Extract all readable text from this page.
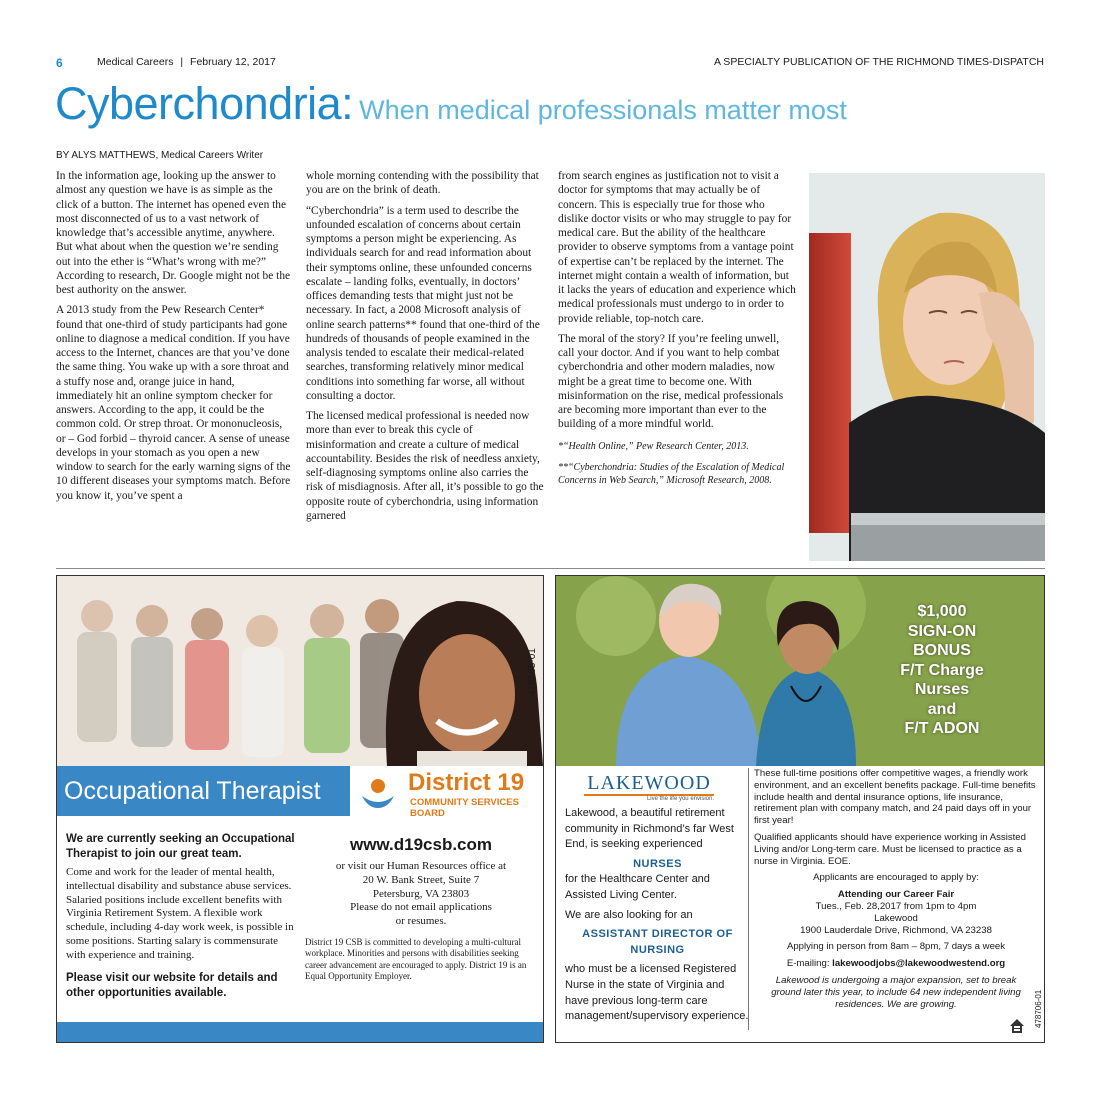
6	Medical Careers | February 12, 2017	A SPECIALTY PUBLICATION OF THE RICHMOND TIMES-DISPATCH
Cyberchondria: When medical professionals matter most
BY ALYS MATTHEWS, Medical Careers Writer

In the information age, looking up the answer to almost any question we have is as simple as the click of a button. The internet has opened even the most disconnected of us to a vast network of knowledge that’s accessible anytime, anywhere. But what about when the question we’re sending out into the ether is “What’s wrong with me?” According to research, Dr. Google might not be the best authority on the answer.

A 2013 study from the Pew Research Center* found that one-third of study participants had gone online to diagnose a medical condition. If you have access to the Internet, chances are that you’ve done the same thing. You wake up with a sore throat and a stuffy nose and, orange juice in hand, immediately hit an online symptom checker for answers. According to the app, it could be the common cold. Or strep throat. Or mononucleosis, or – God forbid – thyroid cancer. A sense of unease develops in your stomach as you open a new window to search for the early warning signs of the 10 different diseases your symptoms match. Before you know it, you’ve spent a

whole morning contending with the possibility that you are on the brink of death.

“Cyberchondria” is a term used to describe the unfounded escalation of concerns about certain symptoms a person might be experiencing. As individuals search for and read information about their symptoms online, these unfounded concerns escalate – landing folks, eventually, in doctors’ offices demanding tests that might just not be necessary. In fact, a 2008 Microsoft analysis of online search patterns** found that one-third of the hundreds of thousands of people examined in the analysis tended to escalate their medical-related searches, transforming relatively minor medical conditions into something far worse, all without consulting a doctor.

The licensed medical professional is needed now more than ever to break this cycle of misinformation and create a culture of medical accountability. Besides the risk of needless anxiety, self-diagnosing symptoms online also carries the risk of misdiagnosis. After all, it’s possible to go the opposite route of cyberchondria, using information garnered

from search engines as justification not to visit a doctor for symptoms that may actually be of concern. This is especially true for those who dislike doctor visits or who may struggle to pay for medical care. But the ability of the healthcare provider to observe symptoms from a vantage point of expertise can’t be replaced by the internet. The internet might contain a wealth of information, but it lacks the years of education and experience which medical professionals must undergo to in order to provide reliable, top-notch care.

The moral of the story? If you’re feeling unwell, call your doctor. And if you want to help combat cyberchondria and other modern maladies, now might be a great time to become one. With misinformation on the rise, medical professionals are becoming more important than ever to the building of a more mindful world.

*“Health Online,” Pew Research Center, 2013.

**“Cyberchondria: Studies of the Escalation of Medical Concerns in Web Search,” Microsoft Research, 2008.

476165-01
Occupational Therapist	District 19
COMMUNITY SERVICES BOARD
We are currently seeking an Occupational Therapist to join our great team.
Come and work for the leader of mental health, intellectual disability and substance abuse services. Salaried positions include excellent benefits with Virginia Retirement System. A flexible work schedule, including 4-day work week, is possible in some positions. Starting salary is commensurate with experience and training.
Please visit our website for details and other opportunities available.
www.d19csb.com
or visit our Human Resources office at
20 W. Bank Street, Suite 7
Petersburg, VA 23803
Please do not email applications
or resumes.
District 19 CSB is committed to developing a multi-cultural workplace. Minorities and persons with disabilities seeking career advancement are encouraged to apply. District 19 is an Equal Opportunity Employer.
$1,000
SIGN-ON
BONUS
F/T Charge
Nurses
and
F/T ADON
LAKEWOOD
Live the life you envision.

Lakewood, a beautiful retirement community in Richmond’s far West End, is seeking experienced

NURSES

for the Healthcare Center and Assisted Living Center.

We are also looking for an

ASSISTANT DIRECTOR OF NURSING

who must be a licensed Registered Nurse in the state of Virginia and have previous long-term care management/supervisory experience.

These full-time positions offer competitive wages, a friendly work environment, and an excellent benefits package. Full-time benefits include health and dental insurance options, life insurance, retirement plan with company match, and 24 paid days off in your first year!

Qualified applicants should have experience working in Assisted Living and/or Long-term care. Must be licensed to practice as a nurse in Virginia. EOE.

Applicants are encouraged to apply by:

Attending our Career Fair
Tues., Feb. 28,2017 from 1pm to 4pm
Lakewood

1900 Lauderdale Drive, Richmond, VA 23238

Applying in person from 8am – 8pm, 7 days a week

E-mailing: lakewoodjobs@lakewoodwestend.org

Lakewood is undergoing a major expansion, set to break ground later this year, to include 64 new independent living residences. We are growing.	478706-01
